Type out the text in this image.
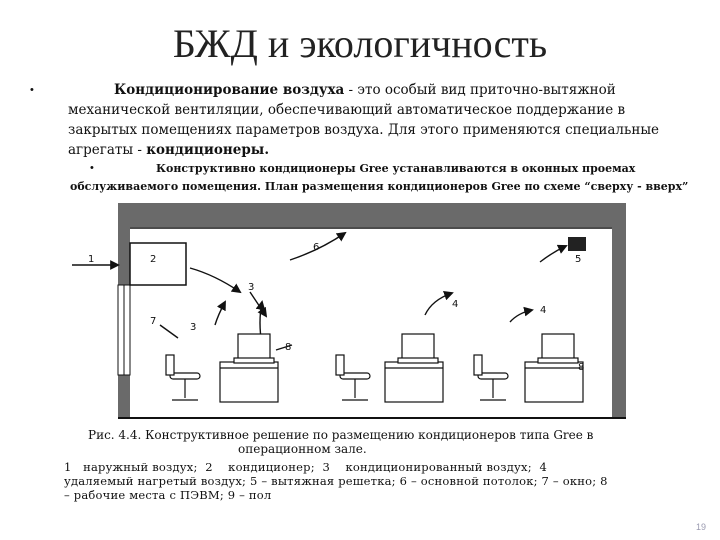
БЖД и экологичность
•	Кондиционирование воздуха - это особый вид приточно-вытяжной механической вентиляции, обеспечивающий автоматическое поддержание в закрытых помещениях параметров воздуха. Для этого применяются специальные агрегаты - кондиционеры.
•	Конструктивно кондиционеры Gree устанавливаются в оконных проемах обслуживаемого помещения. План размещения кондиционеров Gree по схеме “сверху - вверх”
1	2
3
3
4
4
5
6
7
8
8
Рис. 4.4. Конструктивное решение по размещению кондиционеров типа Gree в
операционном зале.
1   наружный воздух;  2    кондиционер;  3    кондиционированный воздух;  4
удаляемый нагретый воздух; 5 – вытяжная решетка; 6 – основной потолок; 7 – окно; 8
– рабочие места с ПЭВМ; 9 – пол
19
